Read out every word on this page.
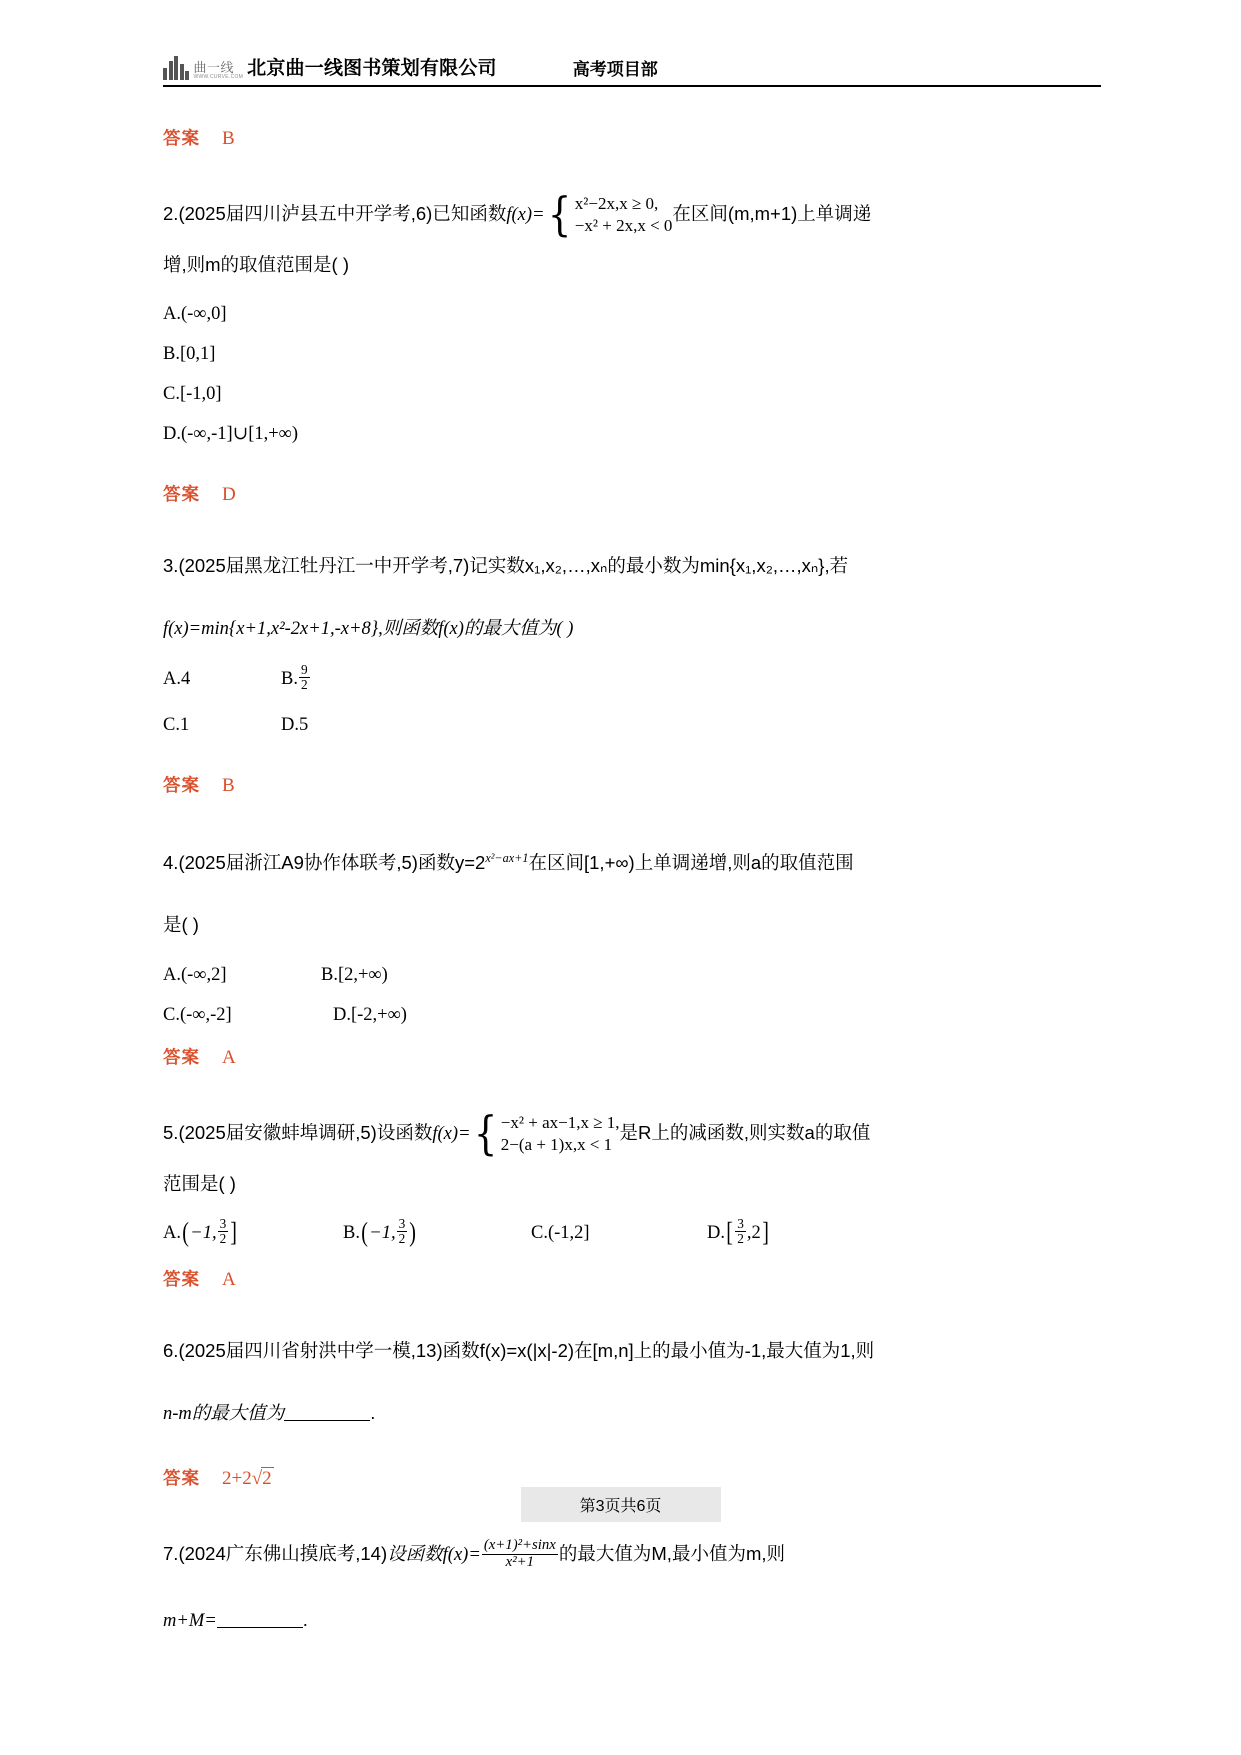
曲一线
WWW.CURVE.COM 北京曲一线图书策划有限公司	高考项目部
答案 B
2.(2025届四川泸县五中开学考,6)已知函数f(x)= { x²−2x,x ≥ 0,
−x² + 2x,x < 0
在区间(m,m+1)上单调递
增,则m的取值范围是( )
A.(-∞,0]
B.[0,1]
C.[-1,0]
D.(-∞,-1]∪[1,+∞)
答案 D
3.(2025届黑龙江牡丹江一中开学考,7)记实数x₁,x₂,…,xₙ的最小数为min{x₁,x₂,…,xₙ},若
f(x)=min{x+1,x²-2x+1,-x+8},则函数f(x)的最大值为( )
A.4	B. $\frac{9}{2}$
C.1	D.5
答案 B
4.(2025届浙江A9协作体联考,5)函数$y=2^{x^2-ax+1}$在区间[1,+∞)上单调递增,则a的取值范围
是( )
A.(-∞,2]	B.[2,+∞)
C.(-∞,-2]	D.[-2,+∞)
答案 A
5.(2025届安徽蚌埠调研,5)设函数f(x)= { −x² + ax−1,x ≥ 1,
2−(a + 1)x,x < 1
是R上的减函数,则实数a的取值
范围是( )
A.(−1, $\frac{3}{2}$ ]	B.(−1, $\frac{3}{2}$ )	C.(-1,2]	$D.[ \frac{3}{2} ,2]$
答案 A
6.(2025届四川省射洪中学一模,13)函数f(x)=x(|x|-2)在[m,n]上的最小值为-1,最大值为1,则
n-m的最大值为	.
答案 2+2√2
7.(2024广东佛山摸底考,14)设函数$f(x)= \frac{\text{(x+1)²+sinx}}{\text{x²+1}}$ 的最大值为M,最小值为m,则
m+M=	.
第3页共6页
